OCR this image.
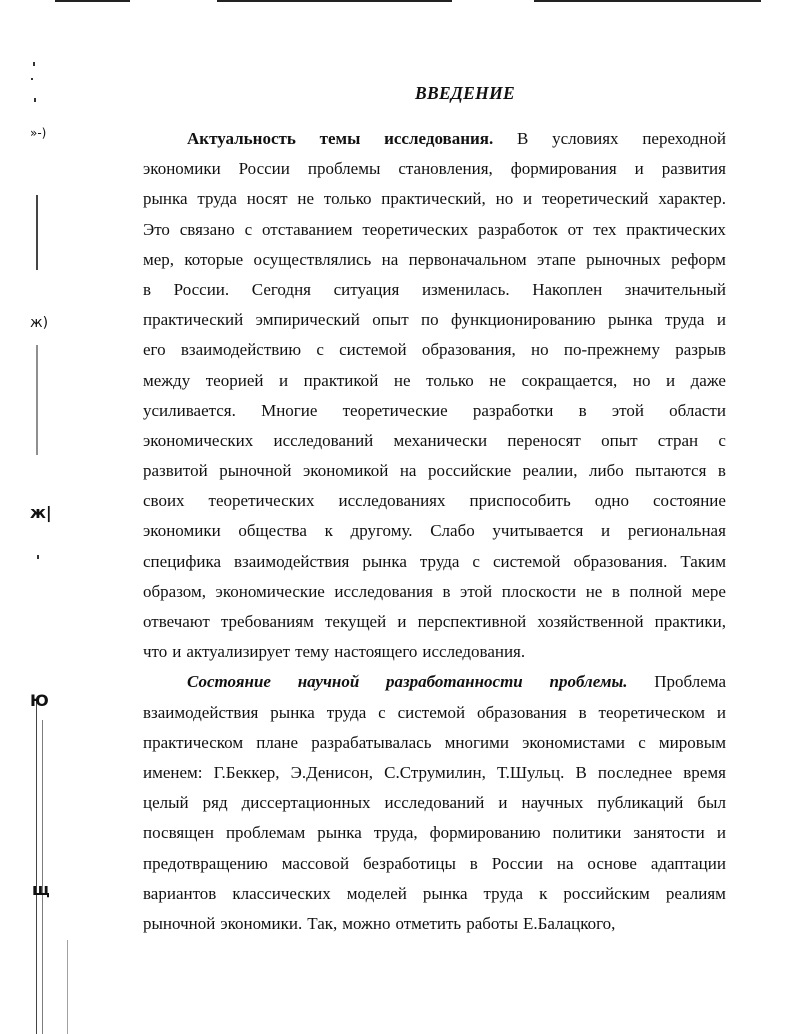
»-)
ж)
ж|
Ю
щ
ВВЕДЕНИЕ
Актуальность темы исследования. В условиях переходной
экономики России проблемы становления, формирования и развития
рынка труда носят не только практический, но и теоретический характер.
Это связано с отставанием теоретических разработок от тех практических
мер, которые осуществлялись на первоначальном этапе рыночных реформ
в России. Сегодня ситуация изменилась. Накоплен значительный
практический эмпирический опыт по функционированию рынка труда и
его взаимодействию с системой образования, но по-прежнему разрыв
между теорией и практикой не только не сокращается, но и даже
усиливается. Многие теоретические разработки в этой области
экономических исследований механически переносят опыт стран с
развитой рыночной экономикой на российские реалии, либо пытаются в
своих теоретических исследованиях приспособить одно состояние
экономики общества к другому. Слабо учитывается и региональная
специфика взаимодействия рынка труда с системой образования. Таким
образом, экономические исследования в этой плоскости не в полной мере
отвечают требованиям текущей и перспективной хозяйственной практики,
что и актуализирует тему настоящего исследования.
Состояние научной разработанности проблемы. Проблема
взаимодействия рынка труда с системой образования в теоретическом и
практическом плане разрабатывалась многими экономистами с мировым
именем: Г.Беккер, Э.Денисон, С.Струмилин, Т.Шульц. В последнее время
целый ряд диссертационных исследований и научных публикаций был
посвящен проблемам рынка труда, формированию политики занятости и
предотвращению массовой безработицы в России на основе адаптации
вариантов классических моделей рынка труда к российским реалиям
рыночной экономики. Так, можно отметить работы Е.Балацкого,
